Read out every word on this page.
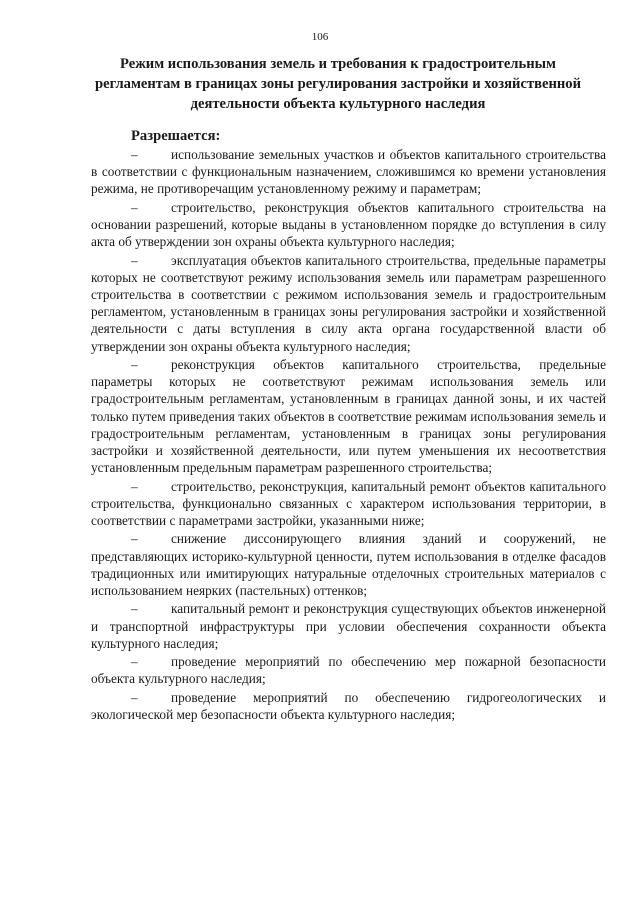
106
Режим использования земель и требования к градостроительным регламентам в границах зоны регулирования застройки и хозяйственной деятельности объекта культурного наследия
Разрешается:
–	использование земельных участков и объектов капитального строительства в соответствии с функциональным назначением, сложившимся ко времени установления режима, не противоречащим установленному режиму и параметрам;
–	строительство, реконструкция объектов капитального строительства на основании разрешений, которые выданы в установленном порядке до вступления в силу акта об утверждении зон охраны объекта культурного наследия;
–	эксплуатация объектов капитального строительства, предельные параметры которых не соответствуют режиму использования земель или параметрам разрешенного строительства в соответствии с режимом использования земель и градостроительным регламентом, установленным в границах зоны регулирования застройки и хозяйственной деятельности с даты вступления в силу акта органа государственной власти об утверждении зон охраны объекта культурного наследия;
–	реконструкция объектов капитального строительства, предельные параметры которых не соответствуют режимам использования земель или градостроительным регламентам, установленным в границах данной зоны, и их частей только путем приведения таких объектов в соответствие режимам использования земель и градостроительным регламентам, установленным в границах зоны регулирования застройки и хозяйственной деятельности, или путем уменьшения их несоответствия установленным предельным параметрам разрешенного строительства;
–	строительство, реконструкция, капитальный ремонт объектов капитального строительства, функционально связанных с характером использования территории, в соответствии с параметрами застройки, указанными ниже;
–	снижение диссонирующего влияния зданий и сооружений, не представляющих историко-культурной ценности, путем использования в отделке фасадов традиционных или имитирующих натуральные отделочных строительных материалов с использованием неярких (пастельных) оттенков;
–	капитальный ремонт и реконструкция существующих объектов инженерной и транспортной инфраструктуры при условии обеспечения сохранности объекта культурного наследия;
–	проведение мероприятий по обеспечению мер пожарной безопасности объекта культурного наследия;
–	проведение мероприятий по обеспечению гидрогеологических и экологической мер безопасности объекта культурного наследия;
